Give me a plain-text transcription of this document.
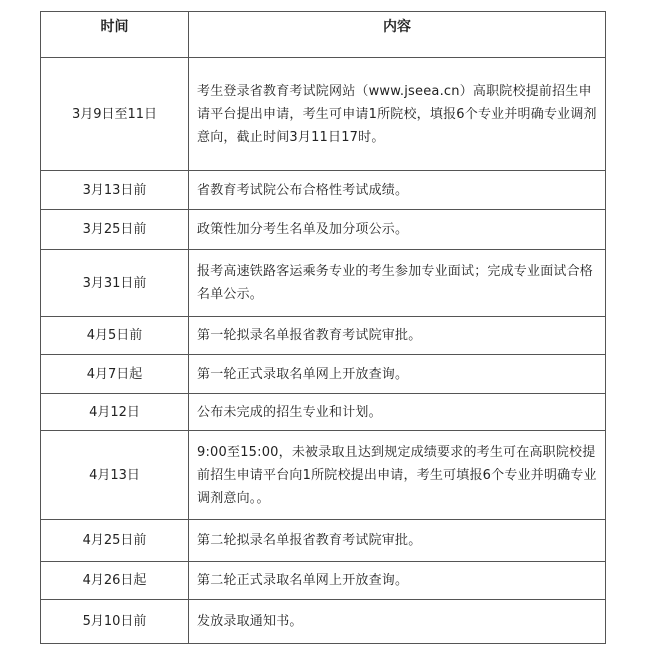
时间	内容
3月9日至11日	考生登录省教育考试院网站（www.jseea.cn）高职院校提前招生申请平台提出申请，考生可申请1所院校，填报6个专业并明确专业调剂意向，截止时间3月11日17时。
3月13日前	省教育考试院公布合格性考试成绩。
3月25日前	政策性加分考生名单及加分项公示。
3月31日前	报考高速铁路客运乘务专业的考生参加专业面试；完成专业面试合格名单公示。
4月5日前	第一轮拟录名单报省教育考试院审批。
4月7日起	第一轮正式录取名单网上开放查询。
4月12日	公布未完成的招生专业和计划。
4月13日	9:00至15:00，未被录取且达到规定成绩要求的考生可在高职院校提前招生申请平台向1所院校提出申请，考生可填报6个专业并明确专业调剂意向。。
4月25日前	第二轮拟录名单报省教育考试院审批。
4月26日起	第二轮正式录取名单网上开放查询。
5月10日前	发放录取通知书。
